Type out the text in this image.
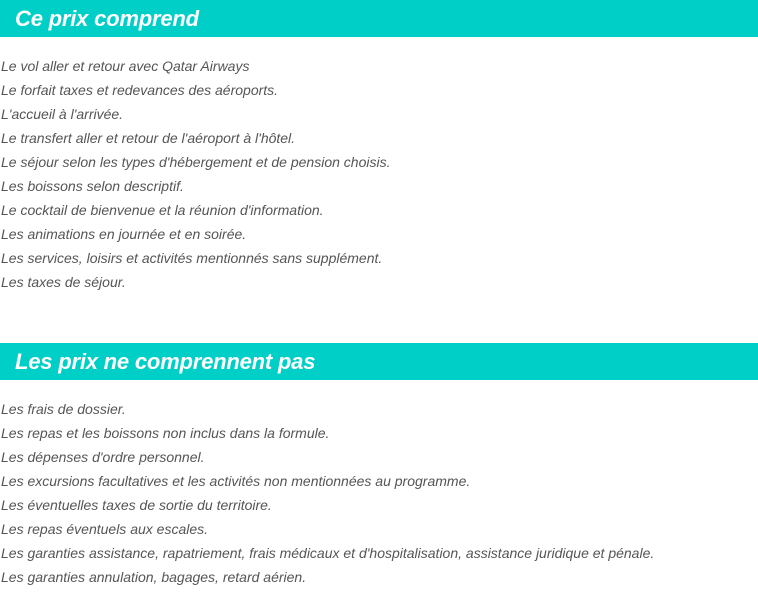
Ce prix comprend
Le vol aller et retour avec Qatar Airways
Le forfait taxes et redevances des aéroports.
L'accueil à l'arrivée.
Le transfert aller et retour de l'aéroport à l'hôtel.
Le séjour selon les types d'hébergement et de pension choisis.
Les boissons selon descriptif.
Le cocktail de bienvenue et la réunion d'information.
Les animations en journée et en soirée.
Les services, loisirs et activités mentionnés sans supplément.
Les taxes de séjour.
Les prix ne comprennent pas
Les frais de dossier.
Les repas et les boissons non inclus dans la formule.
Les dépenses d'ordre personnel.
Les excursions facultatives et les activités non mentionnées au programme.
Les éventuelles taxes de sortie du territoire.
Les repas éventuels aux escales.
Les garanties assistance, rapatriement, frais médicaux et d'hospitalisation, assistance juridique et pénale.
Les garanties annulation, bagages, retard aérien.
